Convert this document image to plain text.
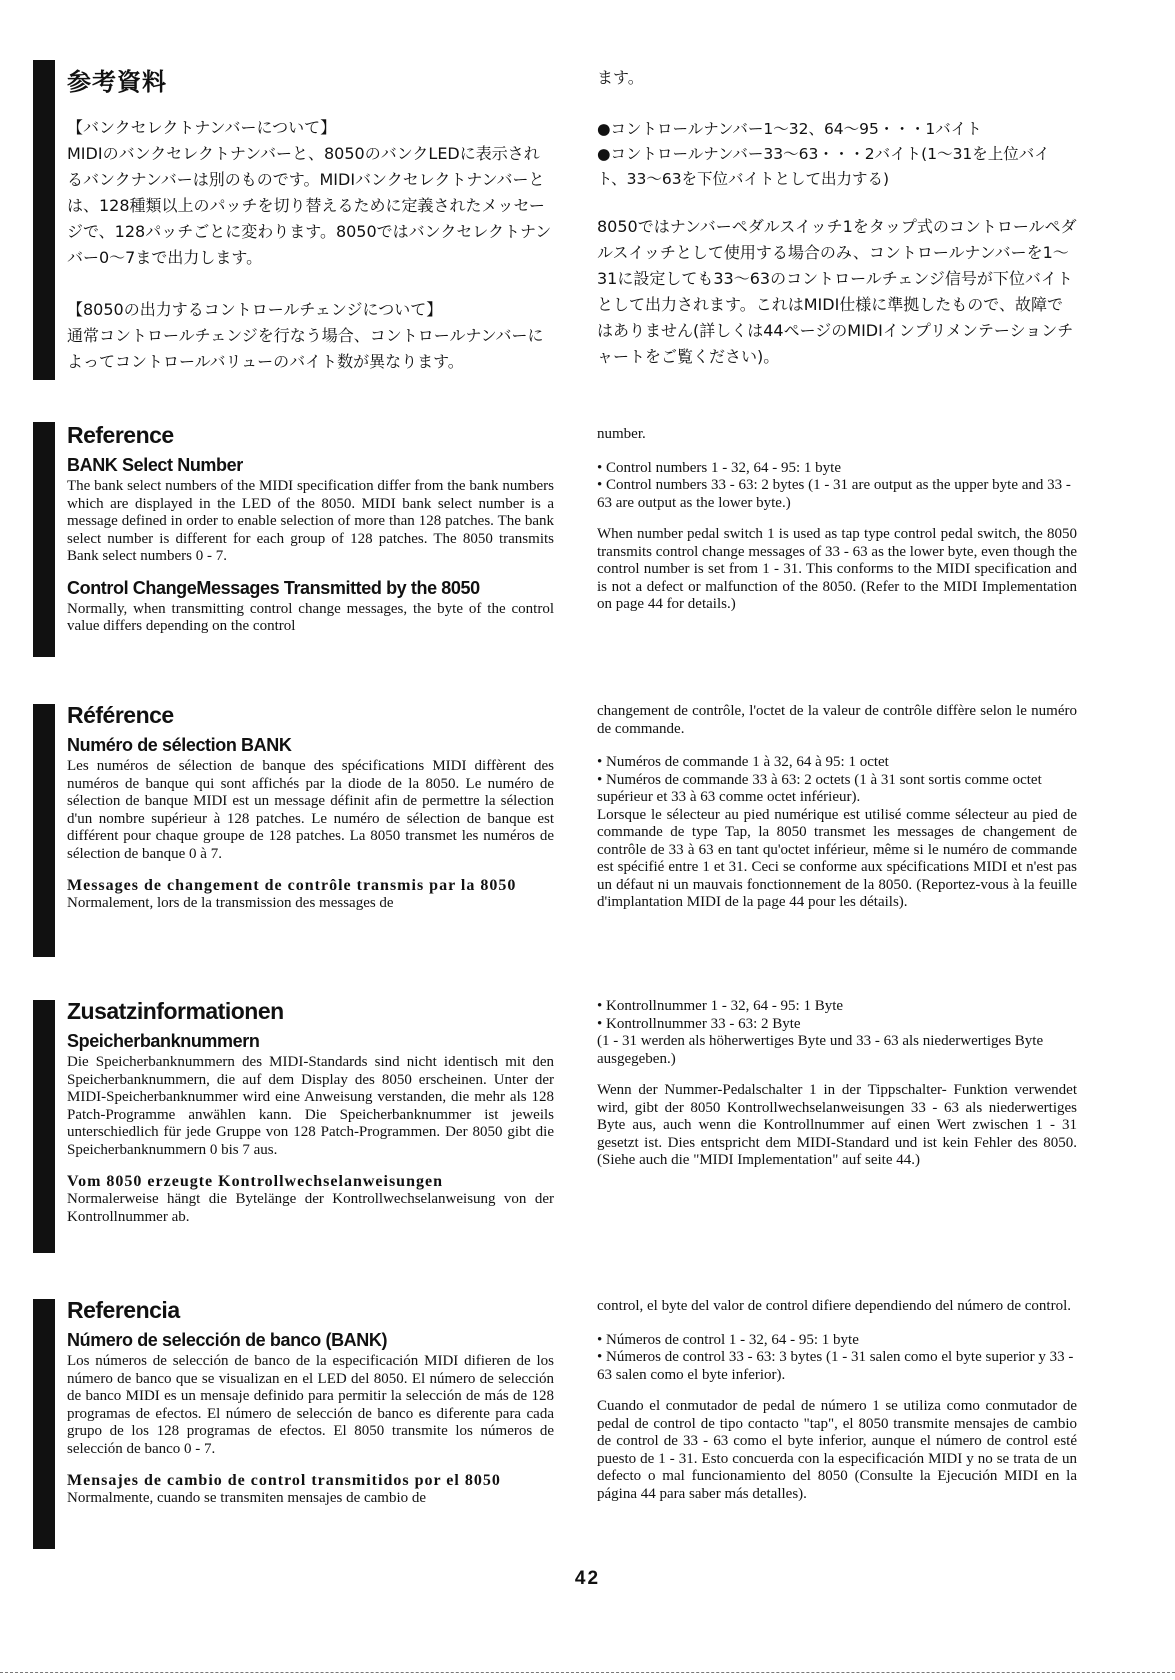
参考資料

【バンクセレクトナンバーについて】

MIDIのバンクセレクトナンバーと、8050のバンクLEDに表示されるバンクナンバーは別のものです。MIDIバンクセレクトナンバーとは、128種類以上のパッチを切り替えるために定義されたメッセージで、128パッチごとに変わります。8050ではバンクセレクトナンバー0〜7まで出力します。

【8050の出力するコントロールチェンジについて】

通常コントロールチェンジを行なう場合、コントロールナンバーによってコントロールバリューのバイト数が異なります。

ます。

●コントロールナンバー1〜32、64〜95・・・1バイト

●コントロールナンバー33〜63・・・2バイト(1〜31を上位バイト、33〜63を下位バイトとして出力する)

8050ではナンバーペダルスイッチ1をタップ式のコントロールペダルスイッチとして使用する場合のみ、コントロールナンバーを1〜31に設定しても33〜63のコントロールチェンジ信号が下位バイトとして出力されます。これはMIDI仕様に準拠したもので、故障ではありません(詳しくは44ページのMIDIインプリメンテーションチャートをご覧ください)。

Reference
BANK Select Number

The bank select numbers of the MIDI specification differ from the bank numbers which are displayed in the LED of the 8050. MIDI bank select number is a message defined in order to enable selection of more than 128 patches. The bank select number is different for each group of 128 patches. The 8050 transmits Bank select numbers 0 - 7.

Control ChangeMessages Transmitted by the 8050

Normally, when transmitting control change messages, the byte of the control value differs depending on the control

number.

• Control numbers 1 - 32, 64 - 95: 1 byte

• Control numbers 33 - 63: 2 bytes (1 - 31 are output as the upper byte and 33 - 63 are output as the lower byte.)

When number pedal switch 1 is used as tap type control pedal switch, the 8050 transmits control change messages of 33 - 63 as the lower byte, even though the control number is set from 1 - 31. This conforms to the MIDI specification and is not a defect or malfunction of the 8050. (Refer to the MIDI Implementation on page 44 for details.)

Référence
Numéro de sélection BANK

Les numéros de sélection de banque des spécifications MIDI diffèrent des numéros de banque qui sont affichés par la diode de la 8050. Le numéro de sélection de banque MIDI est un message définit afin de permettre la sélection d'un nombre supérieur à 128 patches. Le numéro de sélection de banque est différent pour chaque groupe de 128 patches. La 8050 transmet les numéros de sélection de banque 0 à 7.

Messages de changement de contrôle transmis par la 8050

Normalement, lors de la transmission des messages de

changement de contrôle, l'octet de la valeur de contrôle diffère selon le numéro de commande.

• Numéros de commande 1 à 32, 64 à 95: 1 octet

• Numéros de commande 33 à 63: 2 octets (1 à 31 sont sortis comme octet supérieur et 33 à 63 comme octet inférieur).

Lorsque le sélecteur au pied numérique est utilisé comme sélecteur au pied de commande de type Tap, la 8050 transmet les messages de changement de contrôle de 33 à 63 en tant qu'octet inférieur, même si le numéro de commande est spécifié entre 1 et 31. Ceci se conforme aux spécifications MIDI et n'est pas un défaut ni un mauvais fonctionnement de la 8050. (Reportez-vous à la feuille d'implantation MIDI de la page 44 pour les détails).

Zusatzinformationen
Speicherbanknummern

Die Speicherbanknummern des MIDI-Standards sind nicht identisch mit den Speicherbanknummern, die auf dem Display des 8050 erscheinen. Unter der MIDI-Speicherbanknummer wird eine Anweisung verstanden, die mehr als 128 Patch-Programme anwählen kann. Die Speicherbanknummer ist jeweils unterschiedlich für jede Gruppe von 128 Patch-Programmen. Der 8050 gibt die Speicherbanknummern 0 bis 7 aus.

Vom 8050 erzeugte Kontrollwechselanweisungen

Normalerweise hängt die Bytelänge der Kontrollwechselanweisung von der Kontrollnummer ab.

• Kontrollnummer 1 - 32, 64 - 95: 1 Byte

• Kontrollnummer 33 - 63: 2 Byte

(1 - 31 werden als höherwertiges Byte und 33 - 63 als niederwertiges Byte ausgegeben.)

Wenn der Nummer-Pedalschalter 1 in der Tippschalter- Funktion verwendet wird, gibt der 8050 Kontrollwechselanweisungen 33 - 63 als niederwertiges Byte aus, auch wenn die Kontrollnummer auf einen Wert zwischen 1 - 31 gesetzt ist. Dies entspricht dem MIDI-Standard und ist kein Fehler des 8050. (Siehe auch die "MIDI Implementation" auf seite 44.)

Referencia
Número de selección de banco (BANK)

Los números de selección de banco de la especificación MIDI difieren de los número de banco que se visualizan en el LED del 8050. El número de selección de banco MIDI es un mensaje definido para permitir la selección de más de 128 programas de efectos. El número de selección de banco es diferente para cada grupo de los 128 programas de efectos. El 8050 transmite los números de selección de banco 0 - 7.

Mensajes de cambio de control transmitidos por el 8050

Normalmente, cuando se transmiten mensajes de cambio de

control, el byte del valor de control difiere dependiendo del número de control.

• Números de control 1 - 32, 64 - 95: 1 byte

• Números de control 33 - 63: 3 bytes (1 - 31 salen como el byte superior y 33 - 63 salen como el byte inferior).

Cuando el conmutador de pedal de número 1 se utiliza como conmutador de pedal de control de tipo contacto "tap", el 8050 transmite mensajes de cambio de control de 33 - 63 como el byte inferior, aunque el número de control esté puesto de 1 - 31. Esto concuerda con la especificación MIDI y no se trata de un defecto o mal funcionamiento del 8050 (Consulte la Ejecución MIDI en la página 44 para saber más detalles).

42
